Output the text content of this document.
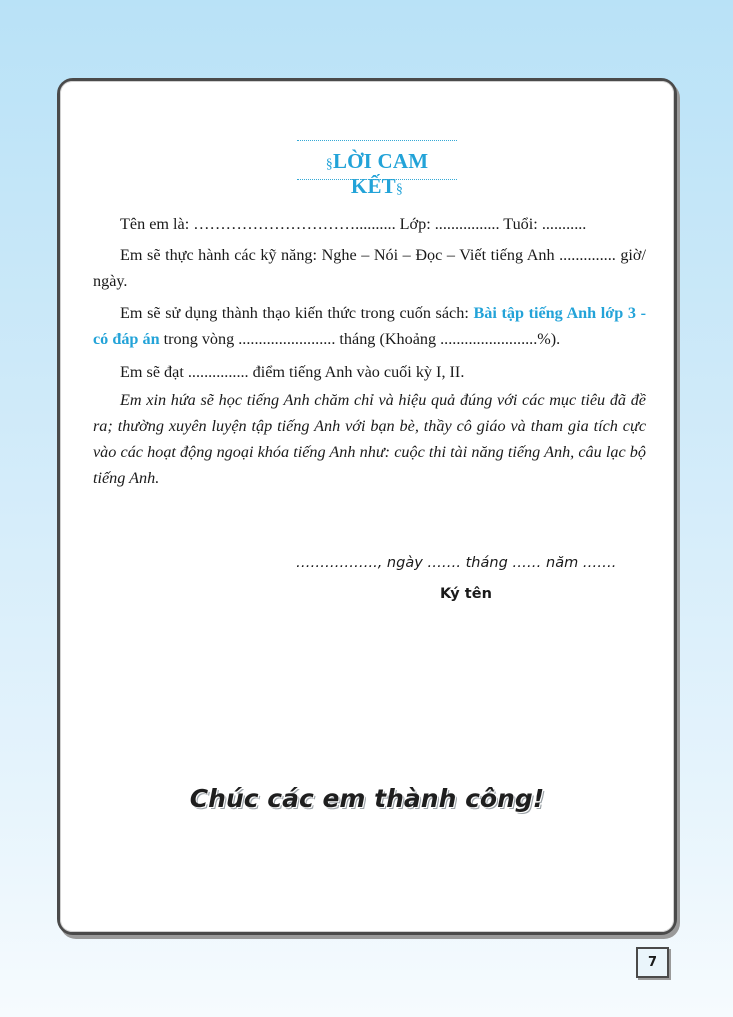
§LỜI CAM KẾT§

Tên em là: ………………………….......... Lớp: ................ Tuổi: ...........

Em sẽ thực hành các kỹ năng: Nghe – Nói – Đọc – Viết tiếng Anh .............. giờ/ ngày.

Em sẽ sử dụng thành thạo kiến thức trong cuốn sách: Bài tập tiếng Anh lớp 3 - có đáp án trong vòng ........................ tháng (Khoảng ........................%).

Em sẽ đạt ............... điểm tiếng Anh vào cuối kỳ I, II.

Em xin hứa sẽ học tiếng Anh chăm chỉ và hiệu quả đúng với các mục tiêu đã đề ra; thường xuyên luyện tập tiếng Anh với bạn bè, thầy cô giáo và tham gia tích cực vào các hoạt động ngoại khóa tiếng Anh như: cuộc thi tài năng tiếng Anh, câu lạc bộ tiếng Anh.

…………….., ngày ……. tháng …… năm …….
Ký tên
Chúc các em thành công!
7
